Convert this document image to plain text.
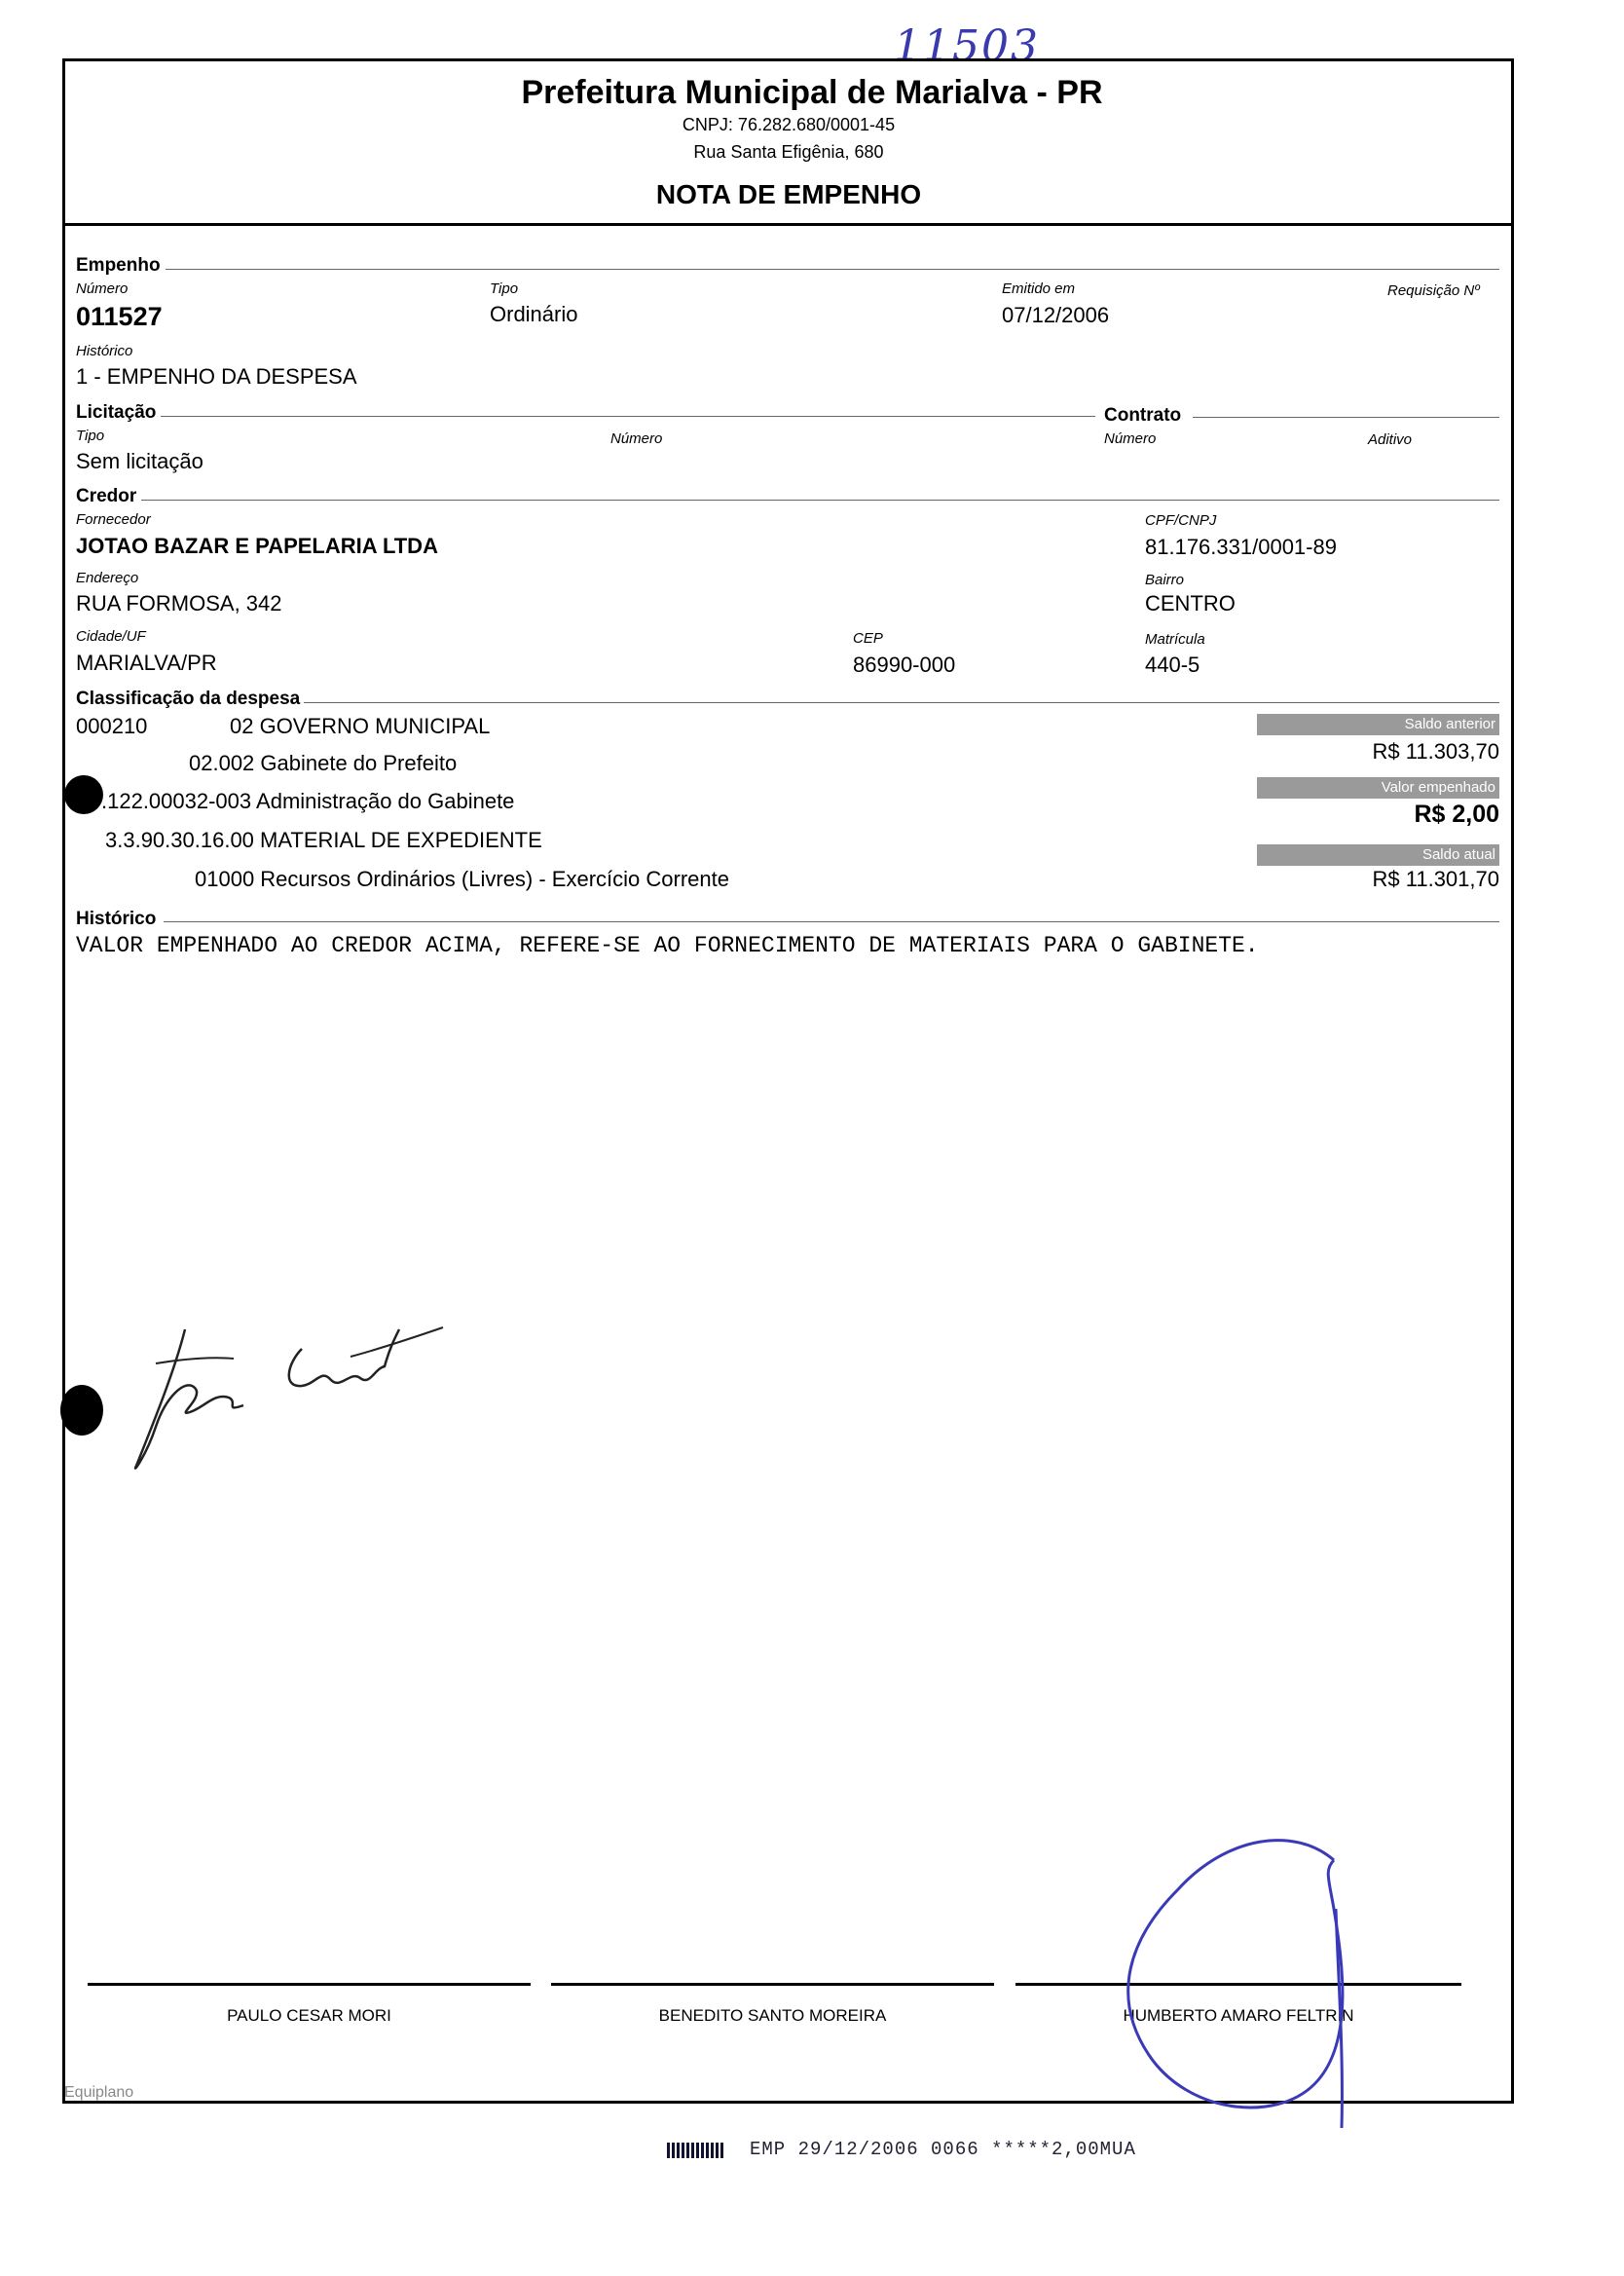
11503
Prefeitura Municipal de Marialva - PR
CNPJ: 76.282.680/0001-45
Rua Santa Efigênia, 680
NOTA DE EMPENHO
Empenho
Número
011527
Tipo
Ordinário
Emitido em
07/12/2006
Requisição Nº
Histórico
1 - EMPENHO DA DESPESA
Licitação
Tipo
Sem licitação
Número
Contrato
Número	Aditivo
Credor
Fornecedor
JOTAO BAZAR E PAPELARIA LTDA
CPF/CNPJ
81.176.331/0001-89
Endereço
RUA FORMOSA, 342
Bairro
CENTRO
Cidade/UF
MARIALVA/PR
CEP
86990-000
Matrícula
440-5
Classificação da despesa
000210	02 GOVERNO MUNICIPAL
02.002 Gabinete do Prefeito
.122.00032-003 Administração do Gabinete
3.3.90.30.16.00 MATERIAL DE EXPEDIENTE
01000 Recursos Ordinários (Livres) - Exercício Corrente
Saldo anterior
R$ 11.303,70
Valor empenhado
R$ 2,00
Saldo atual
R$ 11.301,70
Histórico
VALOR EMPENHADO AO CREDOR ACIMA, REFERE-SE AO FORNECIMENTO DE MATERIAIS PARA O GABINETE.
PAULO CESAR MORI	BENEDITO SANTO MOREIRA	HUMBERTO AMARO FELTRIN
Equiplano
EMP 29/12/2006 0066 *****2,00MUA
